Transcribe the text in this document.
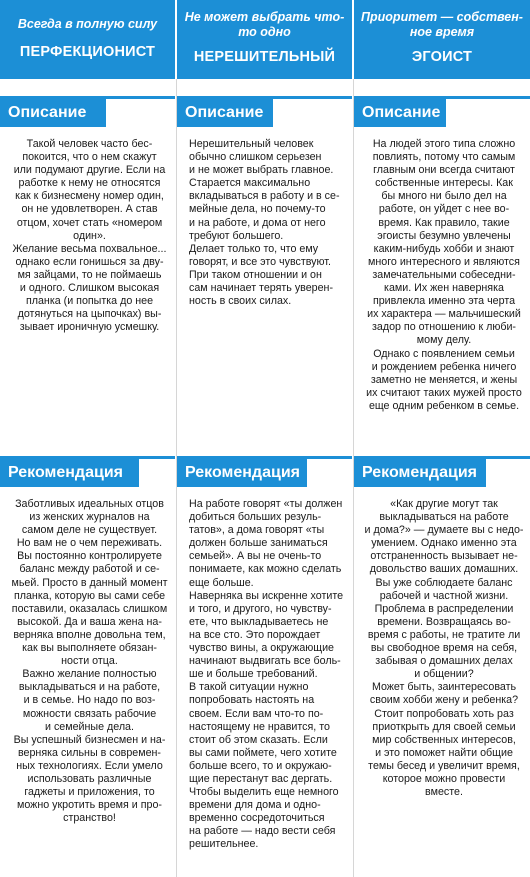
Всегда в полную силу
ПЕРФЕКЦИОНИСТ
Описание
Такой человек часто бес-
покоится, что о нем скажут
или подумают другие. Если на
работке к нему не относятся
как к бизнесмену номер один,
он не удовлетворен. А став
отцом, хочет стать «номером
один».
Желание весьма похвальное...
однако если гонишься за дву-
мя зайцами, то не поймаешь
и одного. Слишком высокая
планка (и попытка до нее
дотянуться на цыпочках) вы-
зывает ироничную усмешку.
Рекомендация
Заботливых идеальных отцов
из женских журналов на
самом деле не существует.
Но вам не о чем переживать.
Вы постоянно контролируете
баланс между работой и се-
мьей. Просто в данный момент
планка, которую вы сами себе
поставили, оказалась слишком
высокой. Да и ваша жена на-
верняка вполне довольна тем,
как вы выполняете обязан-
ности отца.
Важно желание полностью
выкладываться и на работе,
и в семье. Но надо по воз-
можности связать рабочие
и семейные дела.
Вы успешный бизнесмен и на-
верняка сильны в современ-
ных технологиях. Если умело
использовать различные
гаджеты и приложения, то
можно укротить время и про-
странство!
Не может выбрать что-то одно
НЕРЕШИТЕЛЬНЫЙ
Описание
Нерешительный человек
обычно слишком серьезен
и не может выбрать главное.
Старается максимально
вкладываться в работу и в се-
мейные дела, но почему-то
и на работе, и дома от него
требуют большего.
Делает только то, что ему
говорят, и все это чувствуют.
При таком отношении и он
сам начинает терять уверен-
ность в своих силах.
Рекомендация
На работе говорят «ты должен
добиться больших резуль-
татов», а дома говорят «ты
должен больше заниматься
семьей». А вы не очень-то
понимаете, как можно сделать
еще больше.
Наверняка вы искренне хотите
и того, и другого, но чувству-
ете, что выкладываетесь не
на все сто. Это порождает
чувство вины, а окружающие
начинают выдвигать все боль-
ше и больше требований.
В такой ситуации нужно
попробовать настоять на
своем. Если вам что-то по-
настоящему не нравится, то
стоит об этом сказать. Если
вы сами поймете, чего хотите
больше всего, то и окружаю-
щие перестанут вас дергать.
Чтобы выделить еще немного
времени для дома и одно-
временно сосредоточиться
на работе — надо вести себя
решительнее.
Приоритет — собствен- ное время
ЭГОИСТ
Описание
На людей этого типа сложно
повлиять, потому что самым
главным они всегда считают
собственные интересы. Как
бы много ни было дел на
работе, он уйдет с нее во-
время. Как правило, такие
эгоисты безумно увлечены
каким-нибудь хобби и знают
много интересного и являются
замечательными собеседни-
ками. Их жен наверняка
привлекла именно эта черта
их характера — мальчишеский
задор по отношению к люби-
мому делу.
Однако с появлением семьи
и рождением ребенка ничего
заметно не меняется, и жены
их считают таких мужей просто
еще одним ребенком в семье.
Рекомендация
«Как другие могут так
выкладываться на работе
и дома?» — думаете вы с недо-
умением. Однако именно эта
отстраненность вызывает не-
довольство ваших домашних.
Вы уже соблюдаете баланс
рабочей и частной жизни.
Проблема в распределении
времени. Возвращаясь во-
время с работы, не тратите ли
вы свободное время на себя,
забывая о домашних делах
и общении?
Может быть, заинтересовать
своим хобби жену и ребенка?
Стоит попробовать хоть раз
приоткрыть для своей семьи
мир собственных интересов,
и это поможет найти общие
темы бесед и увеличит время,
которое можно провести
вместе.
